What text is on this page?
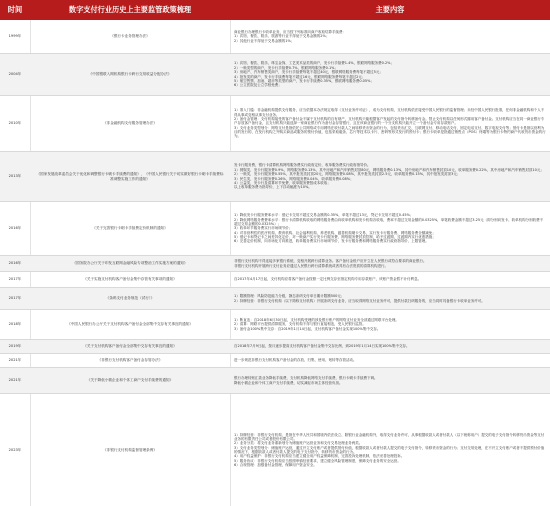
时间	数字支付行业历史上主要监管政策梳理	主要内容
1999年	《银行卡业务管理办法》
商业银行办理银行卡收单业务，应当按下列标准向商户收取结算手续费：
1）宾馆、餐饮、娱乐、旅游等行业不得低于交易金额的2%；
2）其他行业不得低于交易金额的1%；
2004年	《中国银联入网机构银行卡跨行交易收益分配办法》
1）宾馆、餐饮、娱乐、珠宝金饰、工艺美术品类的商户，发卡行手续费1.4%，银联网络服务费0.2%；
2）一般类型的商户，发卡行手续费0.7%，银联网络服务费0.1%；
3）房地产、汽车销售类商户，发卡行手续费每笔不超过40元，银联网络服务费每笔不超过5元；
4）批发类的商户，发卡行手续费每笔不超过16元，银联网络服务费每笔不超过2元；
5）航空售票、加油、超市等类型的商户，发卡行手续费0.35%，银联网络服务费0.05%；
6）公立医院及公立学校免费；
2010年	《非金融机构支付服务管理办法》
1）准入门槛：非金融机构提供支付服务，应当依据本办法规定取得《支付业务许可证》，成为支付机构，支付机构依法接受中国人民银行的监督管理；未经中国人民银行批准，任何非金融机构和个人不得从事或变相从事支付业务。
2）备付金管理：支付机构接受的客户备付金不属于支付机构的自有财产，支付机构只能根据客户发起的支付指令转移备付金。禁止支付机构以任何形式挪用客户备付金。支付机构应当在同一商业银行专户存放客户备付金，且支付机构只能选择一家商业银行作为备付金存管银行，且在该商业银行的一个分支机构只能开立一个备付金专用存款账户。
3）支付业务类型划分：网络支付是指依托公共网络或专用网络在收付款人之间转移货币资金的行为，包括货币汇兑、互联网支付、移动电话支付、固定电话支付、数字电视支付等；预付卡是指以营利为目的发行的、在发行机构之外购买商品或服务的预付价值，包括采取磁条、芯片等技术以卡片、密码等形式发行的预付卡；银行卡收单是指通过销售点（POS）终端等为银行卡特约商户代收货币资金的行为。
2013年
《国家发展改革委员会关于优化和调整银行卡刷卡手续费的通知》、《中国人民银行关于切实做好银行卡刷卡手续费标准调整实施工作的通知》
发卡行服务费、银行卡清算机构网络服务费实行政府定价，收单服务费实行政府指导价。
1）餐娱类，发卡行服务费0.9%，网络服务费0.13%，其中房地产和汽车销售封顶80元，网络服务费0.13%，其中房地产和汽车销售封顶10元，收单服务费0.22%，其中房地产和汽车销售封顶10元；
2）一般类，发卡行服务费0.55%，其中批发类封顶20元，网络服务费0.08%，其中批发类封顶2.5元，收单服务费0.15%，其中批发类封顶3元；
3）民生类，发卡行服务费0.26%，网络服务费0.04%，收单服务费0.08%；
4）公益类，发卡行及清算环节免费，收单服务费按成本收取；
以上收单服务费为指导价，上下浮动幅度为10%。
2016年	《关于完善银行卡刷卡手续费定价机制的通知》
1）降低发卡行服务费率水平：借记卡交易不超过交易金额的0.35%，单笔不超过13元，贷记卡交易不超过0.45%；
2）降低网络服务费费率水平：银行卡清算机构收取的网络服务费由向收单机构和发卡机构各收取，费率不超过交易金额的0.0325%，单笔收费金额不超过3.25元（即分别向发卡、收单机构分别收费不超过交易金额的0.0325%）；
3）收单环节服务费实行市场调节价；
4）对非营利性的医疗机构、教育机构、社会福利机构、养老机构、慈善机构刷卡交易，实行发卡行服务费、网络服务费全额减免；
5）借记卡和贷记卡之间差异化定价，对一般商户实行发卡行服务费、网络服务费封顶控制，给予过渡期，过渡期内实行优惠措施；
6）完善定价机制，向市场化方向推进，收单服务费实行市场调节价，发卡行服务费和网络服务费实行政府指导价、上限管理。
2016年	《国务院办公厅关于印发互联网金融风险专项整治工作实施方案的通知》
非银行支付机构不得连接多家银行系统，变相开展跨行清算业务。客户备付金账户应开立在人民银行或符合要求的商业银行。
非银行支付机构开展跨行支付业务应通过人民银行跨行清算系统或者具有合法资质的清算机构进行。
2017年	《关于实施支付机构客户备付金集中存管有关事项的通知》	自2017年4月17日起，支付机构应将客户备付金按照一定比例交存至指定机构专用存款账户，该账户资金暂不计付利息。
2017年	《条码支付业务规范（试行）》
1）限额管理：风险防范能力分级，静态条码支付单日累计限额500元；
2）持牌经营：非银行支付机构（以下简称支付机构）开展条码支付业务，应当取得网络支付业务许可，提供付款扫码服务的，应当同时具备银行卡收单业务许可。
2018年	《中国人民银行办公厅关于支付机构客户备付金全部集中交存有关事宜的通知》
1）断直连：自2018年6月30日起，支付机构受理的涉及银行账户的网络支付业务全部通过网联平台处理。
2）清算：网联平台提供清算服务，支付机构不得与银行直接相连，受人民银行监管。
3）备付金100%集中交存：自2019年1月14日起，支付机构客户备付金实现100%集中交存。
2019年	《关于支付机构客户备付金全部集中交存有关事宜的通知》	自2018年7月9日起，按月逐步提高支付机构客户备付金集中交存比例，到2019年1月14日实现100%集中交存。
2021年	《非银行支付机构客户备付金存管办法》	进一步规范非银行支付机构客户备付金的存放、归集、使用、划转等存管活动。
2021年	《关于降低小微企业和个体工商户支付手续费的通知》
银行办理转账汇款业务降低手续费，支付机构降低网络支付手续费，银行卡刷卡手续费下调。
降低小微企业和个体工商户支付手续费，切实减轻市场主体经营负担。
2023年	《非银行支付机构监督管理条例》
1）持牌经营：非银行支付机构，是指在中华人民共和国境内依法设立、除银行业金融机构外，取得支付业务许可，从事根据收款人或者付款人（以下统称用户）提交的电子支付指令转移货币资金等支付业务的有限责任公司或者股份有限公司。
2）业务分类：将支付业务重新划分为储值账户运营业务和支付交易处理业务两类。
3）支付业务类型划分：储值账户运营，通过开立支付账户或者提供预付价值，根据收款人或者付款人提交的电子支付指令，转移货币资金的行为；支付交易处理，在不开立支付账户或者不提供预付价值的情况下，根据收款人或者付款人提交的电子支付指令，转移货币资金的行为。
4）用户权益保护：非银行支付机构应当建立健全用户权益保障机制，完善投诉处理机制，依法妥善处理投诉。
5）服务协议：非银行支付机构应当按照审慎经营要求，建立健全风险管理制度，保障支付业务的安全运营。
6）合规管理：加强备付金管理，保障用户资金安全。
